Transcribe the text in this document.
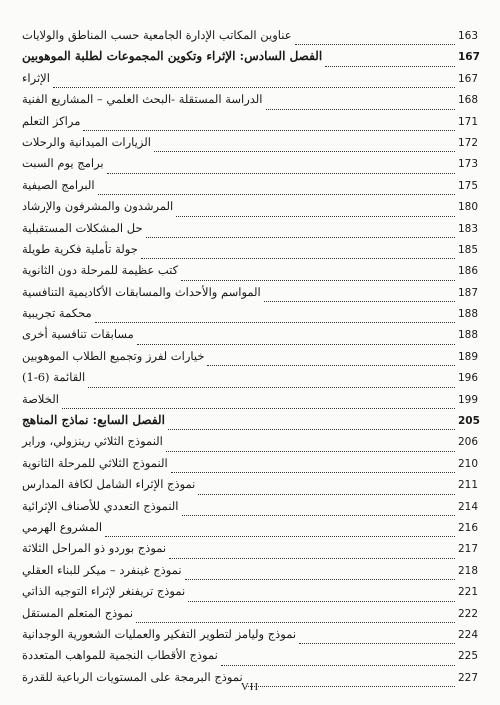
عناوين المكاتب الإدارة الجامعية حسب المناطق والولايات	163
الفصل السادس: الإثراء وتكوين المجموعات لطلبة الموهوبين	167
الإثراء	167
الدراسة المستقلة -البحث العلمي – المشاريع الفنية	168
مراكز التعلم	171
الزيارات الميدانية والرحلات	172
برامج يوم السبت	173
البرامج الصيفية	175
المرشدون والمشرفون والإرشاد	180
حل المشكلات المستقبلية	183
جولة تأملية فكرية طويلة	185
كتب عظيمة للمرحلة دون الثانوية	186
المواسم والأحداث والمسابقات الأكاديمية التنافسية	187
محكمة تجريبية	188
مسابقات تنافسية أخرى	188
خيارات لفرز وتجميع الطلاب الموهوبين	189
القائمة (6-1)	196
الخلاصة	199
الفصل السابع: نماذج المناهج	205
النموذج الثلاثي رينزولي، وراير	206
النموذج الثلاثي للمرحلة الثانوية	210
نموذج الإثراء الشامل لكافة المدارس	211
النموذج التعددي للأصناف الإثرائية	214
المشروع الهرمي	216
نموذج بوردو ذو المراحل الثلاثة	217
نموذج غينفرد – ميكر للبناء العقلي	218
نموذج تريفنغر لإثراء التوجيه الذاتي	221
نموذج المتعلم المستقل	222
نموذج وليامز لتطوير التفكير والعمليات الشعورية الوجدانية	224
نموذج الأقطاب النجمية للمواهب المتعددة	225
نموذج البرمجة على المستويات الرباعية للقدرة	227
VII
